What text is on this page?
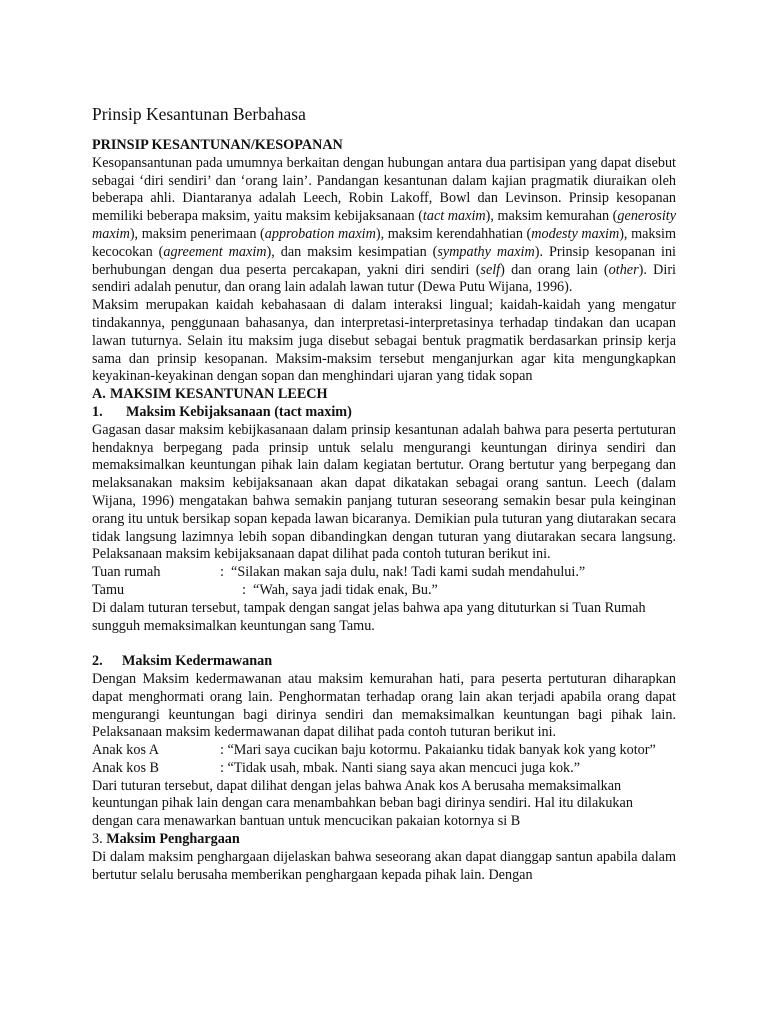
Prinsip Kesantunan Berbahasa

PRINSIP KESANTUNAN/KESOPANAN

Kesopansantunan pada umumnya berkaitan dengan hubungan antara dua partisipan yang dapat disebut sebagai ‘diri sendiri’ dan ‘orang lain’. Pandangan kesantunan dalam kajian pragmatik diuraikan oleh beberapa ahli. Diantaranya adalah Leech, Robin Lakoff, Bowl dan Levinson. Prinsip kesopanan memiliki beberapa maksim, yaitu maksim kebijaksanaan (tact maxim), maksim kemurahan (generosity maxim), maksim penerimaan (approbation maxim), maksim kerendahhatian (modesty maxim), maksim kecocokan (agreement maxim), dan maksim kesimpatian (sympathy maxim). Prinsip kesopanan ini berhubungan dengan dua peserta percakapan, yakni diri sendiri (self) dan orang lain (other). Diri sendiri adalah penutur, dan orang lain adalah lawan tutur (Dewa Putu Wijana, 1996).

Maksim merupakan kaidah kebahasaan di dalam interaksi lingual; kaidah-kaidah yang mengatur tindakannya, penggunaan bahasanya, dan interpretasi-interpretasinya terhadap tindakan dan ucapan lawan tuturnya. Selain itu maksim juga disebut sebagai bentuk pragmatik berdasarkan prinsip kerja sama dan prinsip kesopanan. Maksim-maksim tersebut menganjurkan agar kita mengungkapkan keyakinan-keyakinan dengan sopan dan menghindari ujaran yang tidak sopan

A. MAKSIM KESANTUNAN LEECH

1. Maksim Kebijaksanaan (tact maxim)

Gagasan dasar maksim kebijkasanaan dalam prinsip kesantunan adalah bahwa para peserta pertuturan hendaknya berpegang pada prinsip untuk selalu mengurangi keuntungan dirinya sendiri dan memaksimalkan keuntungan pihak lain dalam kegiatan bertutur. Orang bertutur yang berpegang dan melaksanakan maksim kebijaksanaan akan dapat dikatakan sebagai orang santun. Leech (dalam Wijana, 1996) mengatakan bahwa semakin panjang tuturan seseorang semakin besar pula keinginan orang itu untuk bersikap sopan kepada lawan bicaranya. Demikian pula tuturan yang diutarakan secara tidak langsung lazimnya lebih sopan dibandingkan dengan tuturan yang diutarakan secara langsung. Pelaksanaan maksim kebijaksanaan dapat dilihat pada contoh tuturan berikut ini.

Tuan rumah	: “Silakan makan saja dulu, nak! Tadi kami sudah mendahului.”
Tamu	: “Wah, saya jadi tidak enak, Bu.”

Di dalam tuturan tersebut, tampak dengan sangat jelas bahwa apa yang dituturkan si Tuan Rumah sungguh memaksimalkan keuntungan sang Tamu.

2. Maksim Kedermawanan

Dengan Maksim kedermawanan atau maksim kemurahan hati, para peserta pertuturan diharapkan dapat menghormati orang lain. Penghormatan terhadap orang lain akan terjadi apabila orang dapat mengurangi keuntungan bagi dirinya sendiri dan memaksimalkan keuntungan bagi pihak lain. Pelaksanaan maksim kedermawanan dapat dilihat pada contoh tuturan berikut ini.

Anak kos A	: “Mari saya cucikan baju kotormu. Pakaianku tidak banyak kok yang kotor”
Anak kos B	: “Tidak usah, mbak. Nanti siang saya akan mencuci juga kok.”

Dari tuturan tersebut, dapat dilihat dengan jelas bahwa Anak kos A berusaha memaksimalkan keuntungan pihak lain dengan cara menambahkan beban bagi dirinya sendiri. Hal itu dilakukan dengan cara menawarkan bantuan untuk mencucikan pakaian kotornya si B

3. Maksim Penghargaan

Di dalam maksim penghargaan dijelaskan bahwa seseorang akan dapat dianggap santun apabila dalam bertutur selalu berusaha memberikan penghargaan kepada pihak lain. Dengan
